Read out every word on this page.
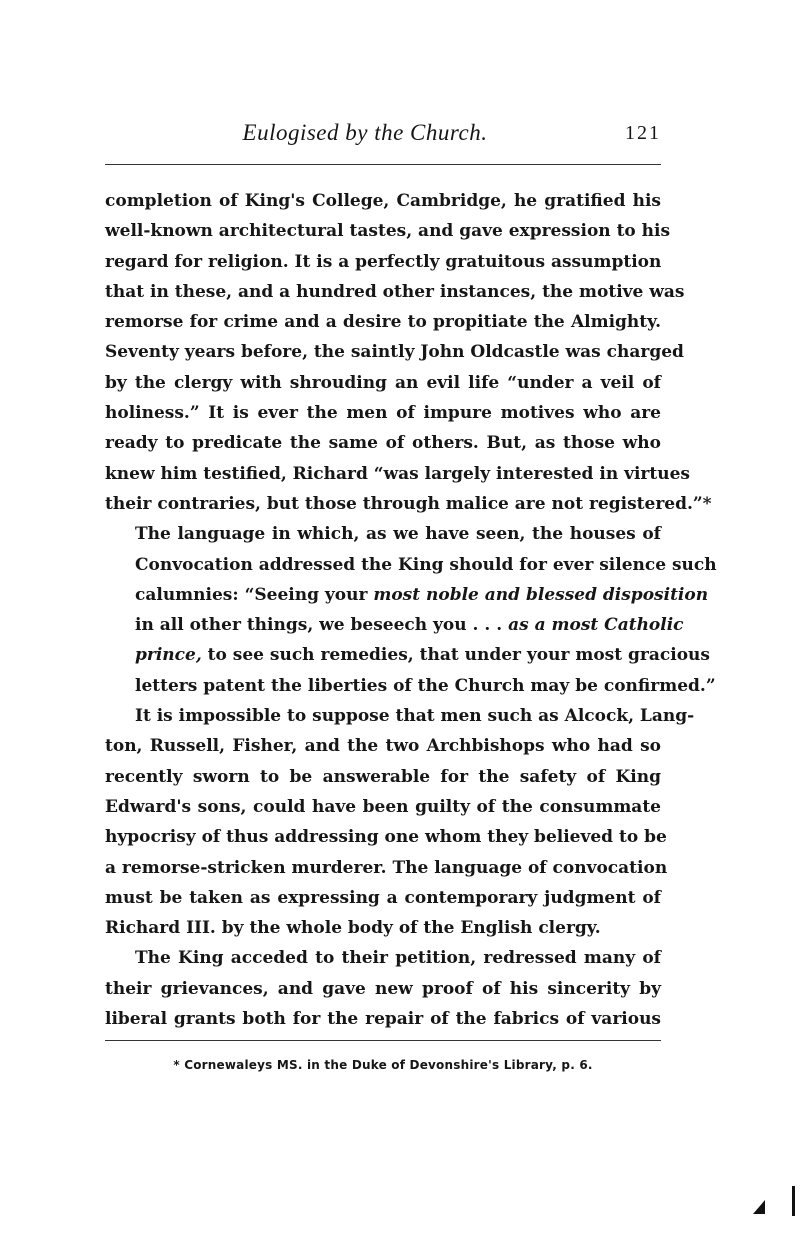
Eulogised by the Church.	121

completion of King's College, Cambridge, he gratified his
well-known architectural tastes, and gave expression to his
regard for religion. It is a perfectly gratuitous assumption
that in these, and a hundred other instances, the motive was
remorse for crime and a desire to propitiate the Almighty.
Seventy years before, the saintly John Oldcastle was charged
by the clergy with shrouding an evil life “under a veil of
holiness.” It is ever the men of impure motives who are
ready to predicate the same of others. But, as those who
knew him testified, Richard “was largely interested in virtues
their contraries, but those through malice are not registered.”*

The language in which, as we have seen, the houses of
Convocation addressed the King should for ever silence such
calumnies: “Seeing your most noble and blessed disposition
in all other things, we beseech you . . . as a most Catholic
prince, to see such remedies, that under your most gracious
letters patent the liberties of the Church may be confirmed.”

It is impossible to suppose that men such as Alcock, Lang-
ton, Russell, Fisher, and the two Archbishops who had so
recently sworn to be answerable for the safety of King
Edward's sons, could have been guilty of the consummate
hypocrisy of thus addressing one whom they believed to be
a remorse-stricken murderer. The language of convocation
must be taken as expressing a contemporary judgment of
Richard III. by the whole body of the English clergy.

The King acceded to their petition, redressed many of
their grievances, and gave new proof of his sincerity by
liberal grants both for the repair of the fabrics of various

* Cornewaleys MS. in the Duke of Devonshire's Library, p. 6.
